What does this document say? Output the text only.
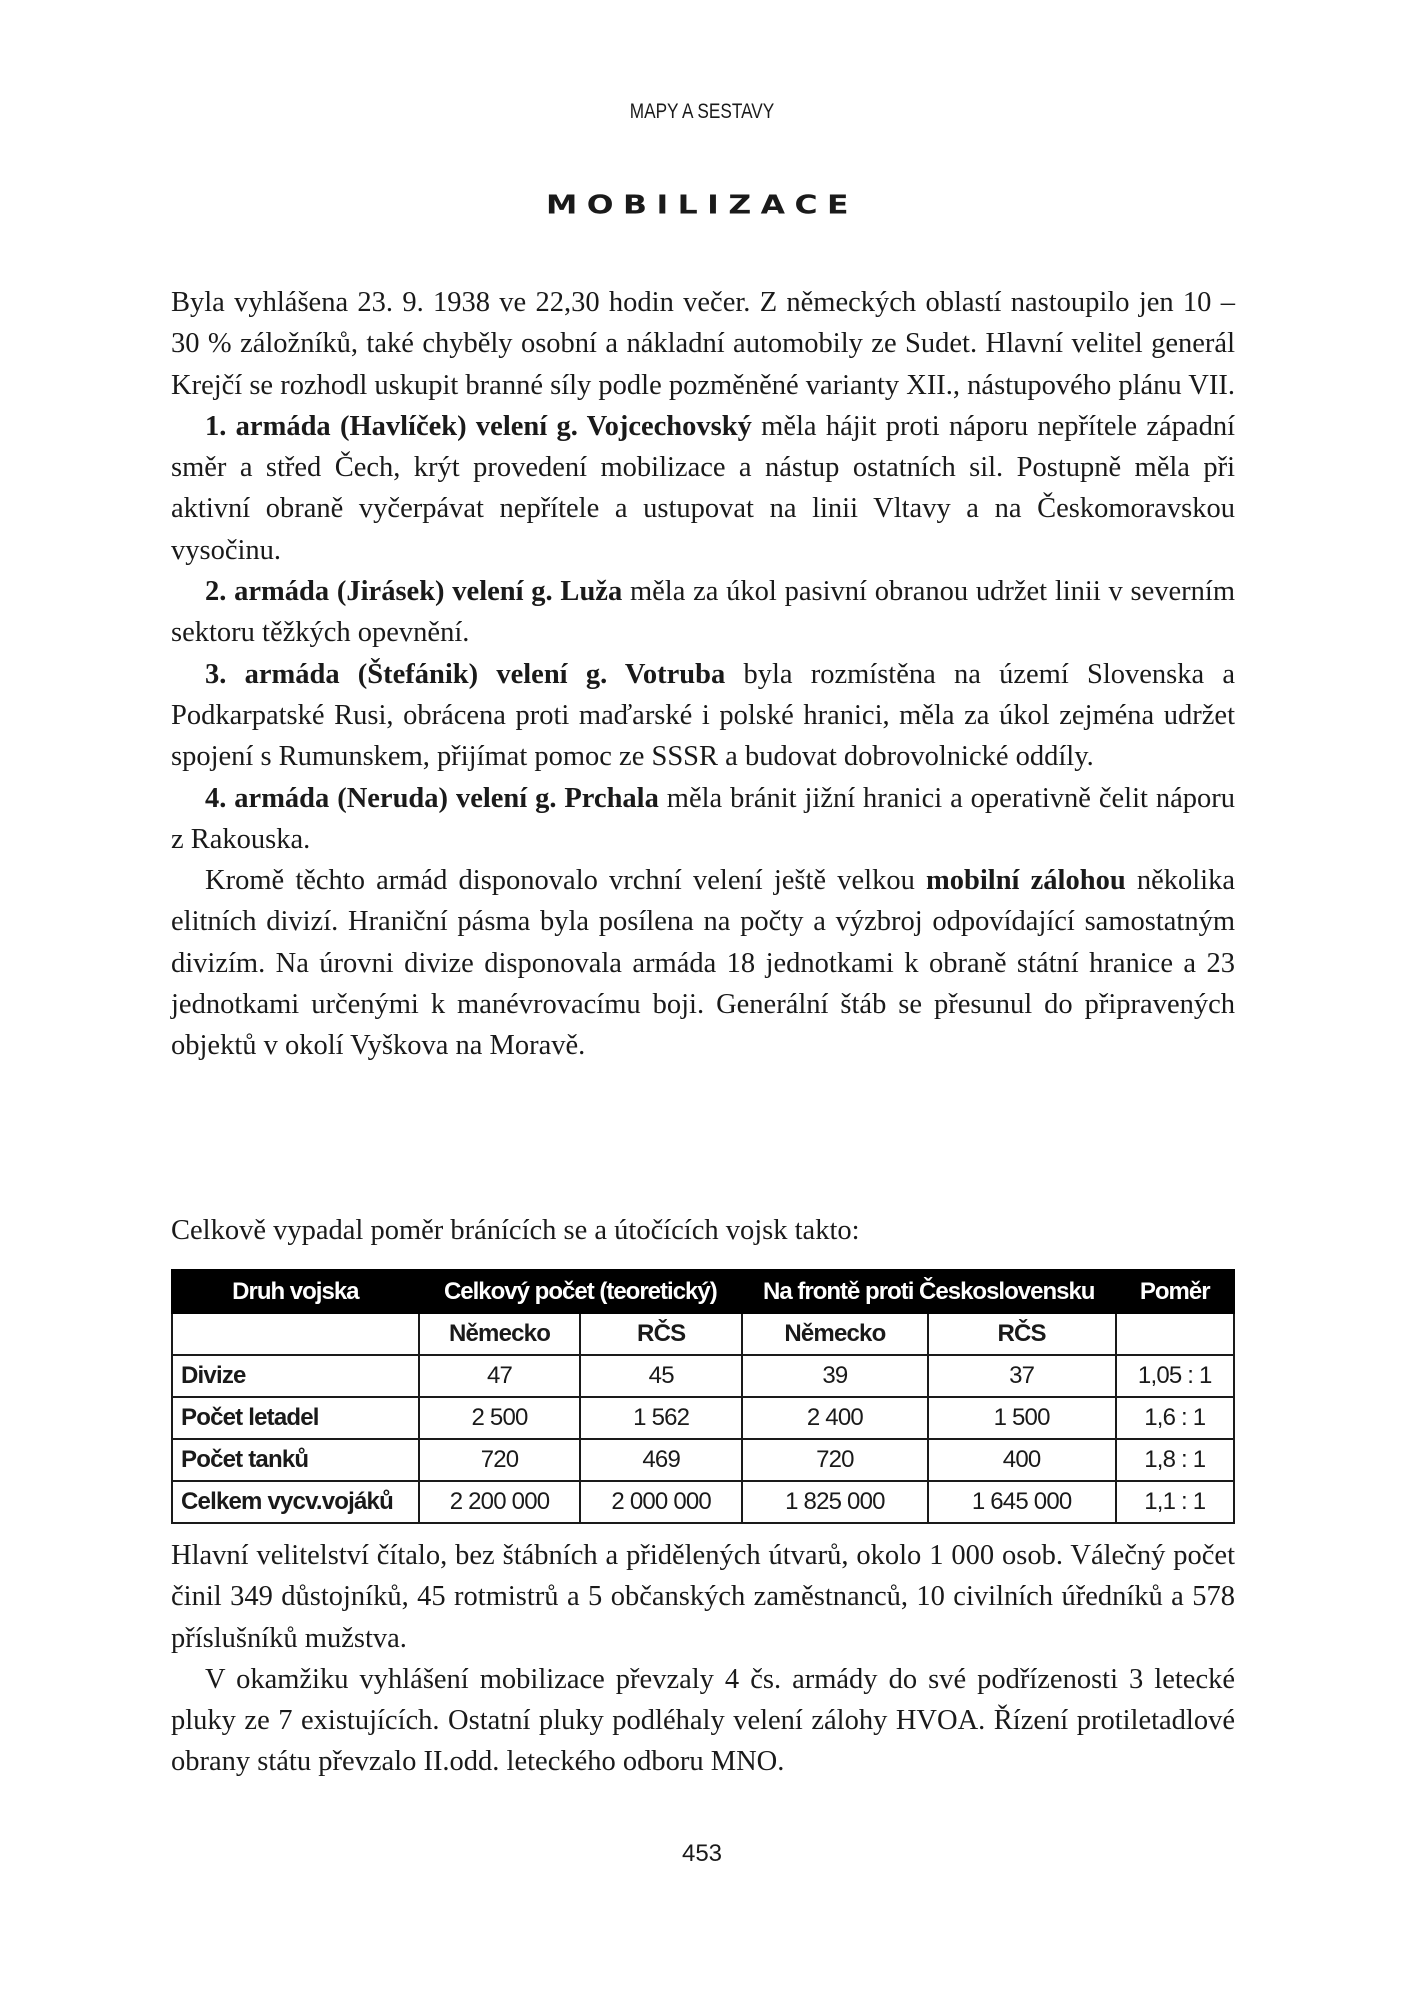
MAPY A SESTAVY
MOBILIZACE

Byla vyhlášena 23. 9. 1938 ve 22,30 hodin večer. Z německých oblastí nastoupilo jen 10 – 30 % záložníků, také chyběly osobní a nákladní automobily ze Sudet. Hlavní velitel generál Krejčí se rozhodl uskupit branné síly podle pozměněné varianty XII., nástupového plánu VII.

1. armáda (Havlíček) velení g. Vojcechovský měla hájit proti náporu nepřítele západní směr a střed Čech, krýt provedení mobilizace a nástup ostatních sil. Postupně měla při aktivní obraně vyčerpávat nepřítele a ustupovat na linii Vltavy a na Českomoravskou vysočinu.

2. armáda (Jirásek) velení g. Luža měla za úkol pasivní obranou udržet linii v severním sektoru těžkých opevnění.

3. armáda (Štefánik) velení g. Votruba byla rozmístěna na území Slovenska a Podkarpatské Rusi, obrácena proti maďarské i polské hranici, měla za úkol zejména udržet spojení s Rumunskem, přijímat pomoc ze SSSR a budovat dobrovolnické oddíly.

4. armáda (Neruda) velení g. Prchala měla bránit jižní hranici a operativně čelit náporu z Rakouska.

Kromě těchto armád disponovalo vrchní velení ještě velkou mobilní zálohou několika elitních divizí. Hraniční pásma byla posílena na počty a výzbroj odpovídající samostatným divizím. Na úrovni divize disponovala armáda 18 jednotkami k obraně státní hranice a 23 jednotkami určenými k manévrovacímu boji. Generální štáb se přesunul do připravených objektů v okolí Vyškova na Moravě.

Celkově vypadal poměr bránících se a útočících vojsk takto:

Druh vojska	Celkový počet (teoretický)		Na frontě proti Československu		Poměr
	Německo	RČS	Německo	RČS	
Divize	47	45	39	37	1,05 : 1
Počet letadel	2 500	1 562	2 400	1 500	1,6 : 1
Počet tanků	720	469	720	400	1,8 : 1
Celkem vycv.vojáků	2 200 000	2 000 000	1 825 000	1 645 000	1,1 : 1

Hlavní velitelství čítalo, bez štábních a přidělených útvarů, okolo 1 000 osob. Válečný počet činil 349 důstojníků, 45 rotmistrů a 5 občanských zaměstnanců, 10 civilních úředníků a 578 příslušníků mužstva.

V okamžiku vyhlášení mobilizace převzaly 4 čs. armády do své podřízenosti 3 letecké pluky ze 7 existujících. Ostatní pluky podléhaly velení zálohy HVOA. Řízení protiletadlové obrany státu převzalo II.odd. leteckého odboru MNO.

453
